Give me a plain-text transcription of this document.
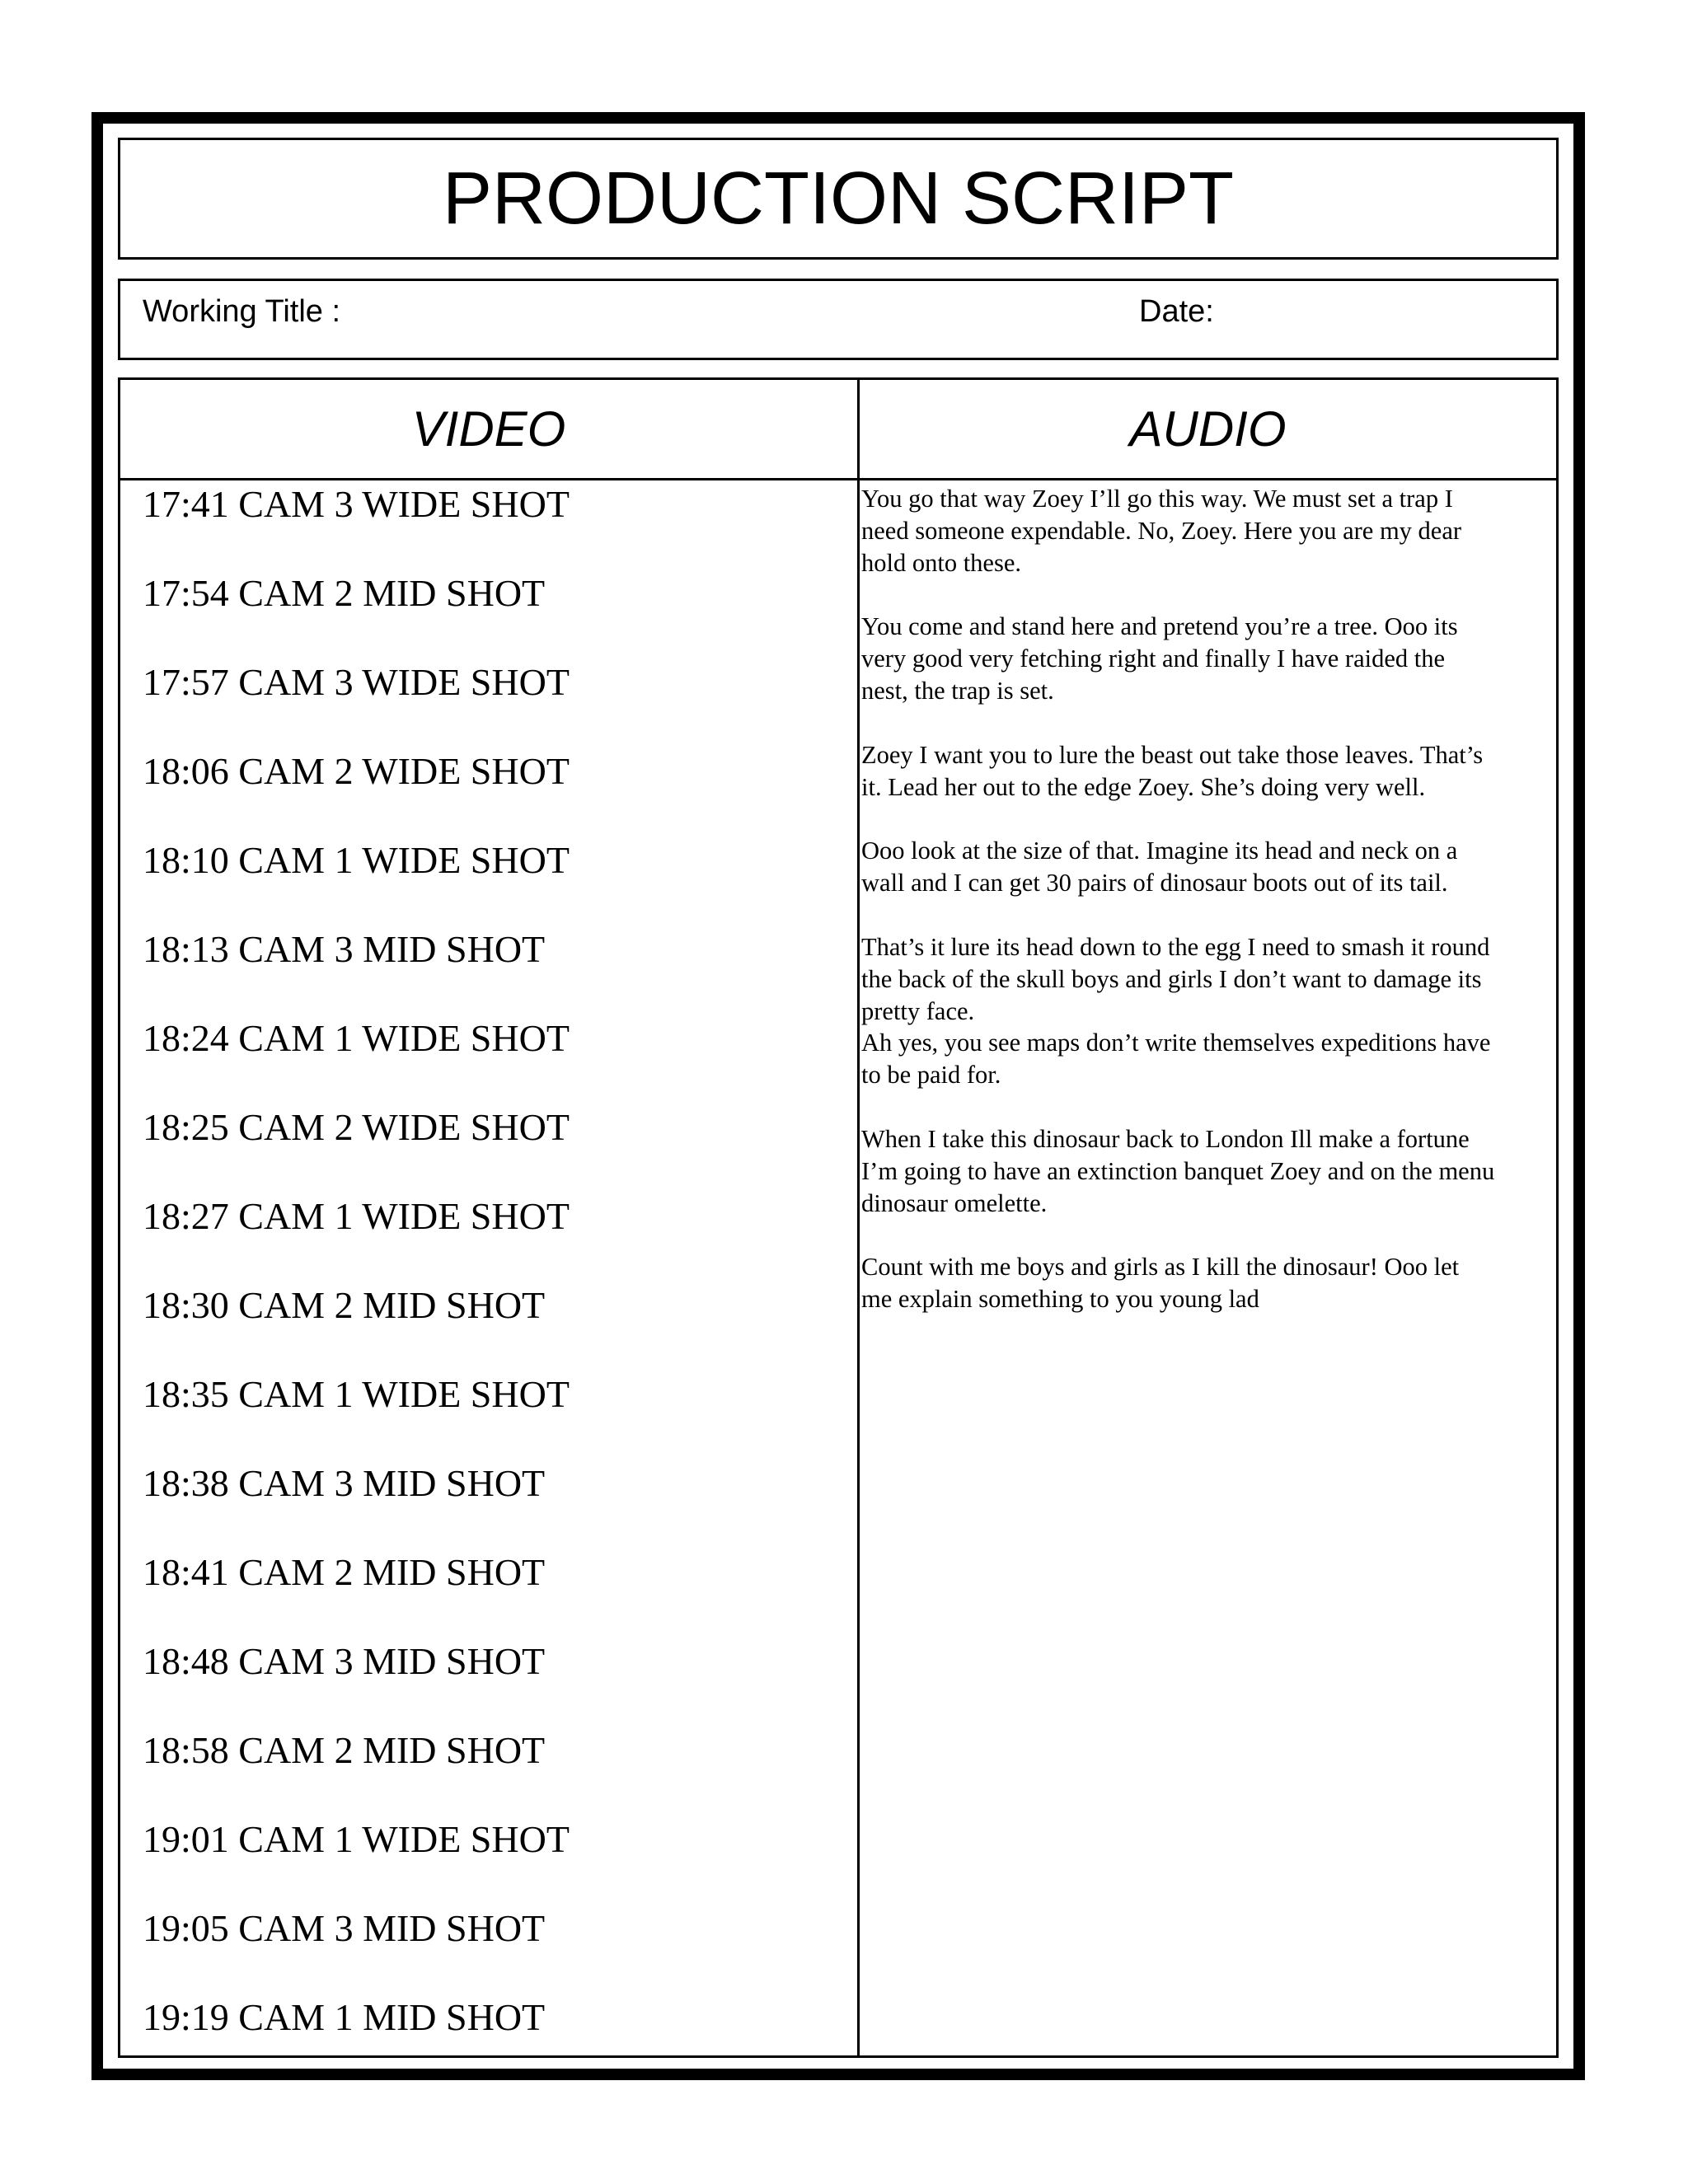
PRODUCTION SCRIPT
Working Title :	Date:
VIDEO	AUDIO
17:41 CAM 3 WIDE SHOT
17:54 CAM 2 MID SHOT
17:57 CAM 3 WIDE SHOT
18:06 CAM 2 WIDE SHOT
18:10 CAM 1 WIDE SHOT
18:13 CAM 3 MID SHOT
18:24 CAM 1 WIDE SHOT
18:25 CAM 2 WIDE SHOT
18:27 CAM 1 WIDE SHOT
18:30 CAM 2 MID SHOT
18:35 CAM 1 WIDE SHOT
18:38 CAM 3 MID SHOT
18:41 CAM 2 MID SHOT
18:48 CAM 3 MID SHOT
18:58 CAM 2 MID SHOT
19:01 CAM 1 WIDE SHOT
19:05 CAM 3 MID SHOT
19:19 CAM 1 MID SHOT

You go that way Zoey I’ll go this way. We must set a trap I
need someone expendable. No, Zoey. Here you are my dear
hold onto these.

You come and stand here and pretend you’re a tree. Ooo its
very good very fetching right and finally I have raided the
nest, the trap is set.

Zoey I want you to lure the beast out take those leaves. That’s
it. Lead her out to the edge Zoey. She’s doing very well.

Ooo look at the size of that. Imagine its head and neck on a
wall and I can get 30 pairs of dinosaur boots out of its tail.

That’s it lure its head down to the egg I need to smash it round
the back of the skull boys and girls I don’t want to damage its
pretty face.

Ah yes, you see maps don’t write themselves expeditions have
to be paid for.

When I take this dinosaur back to London Ill make a fortune
I’m going to have an extinction banquet Zoey and on the menu
dinosaur omelette.

Count with me boys and girls as I kill the dinosaur! Ooo let
me explain something to you young lad
